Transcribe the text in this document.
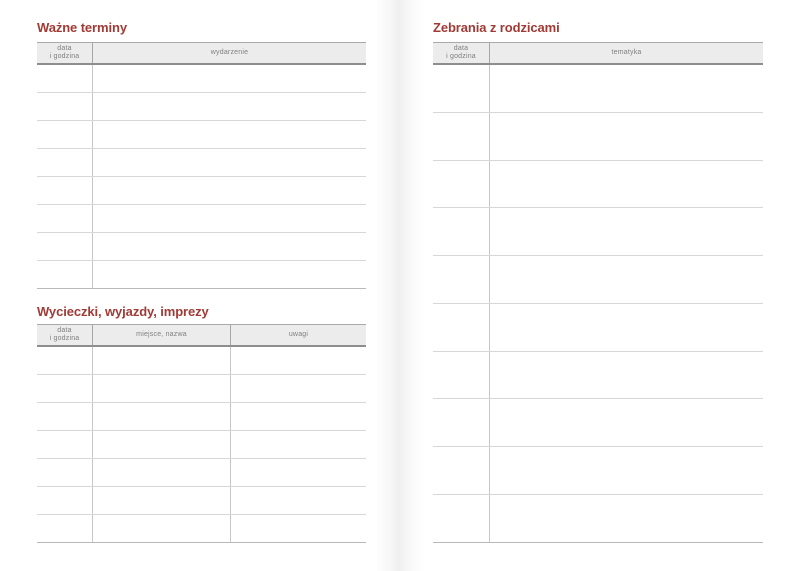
Ważne terminy
data
i godzina
wydarzenie
Wycieczki, wyjazdy, imprezy
data
i godzina
miejsce, nazwa	uwagi
Zebrania z rodzicami
data
i godzina
tematyka
